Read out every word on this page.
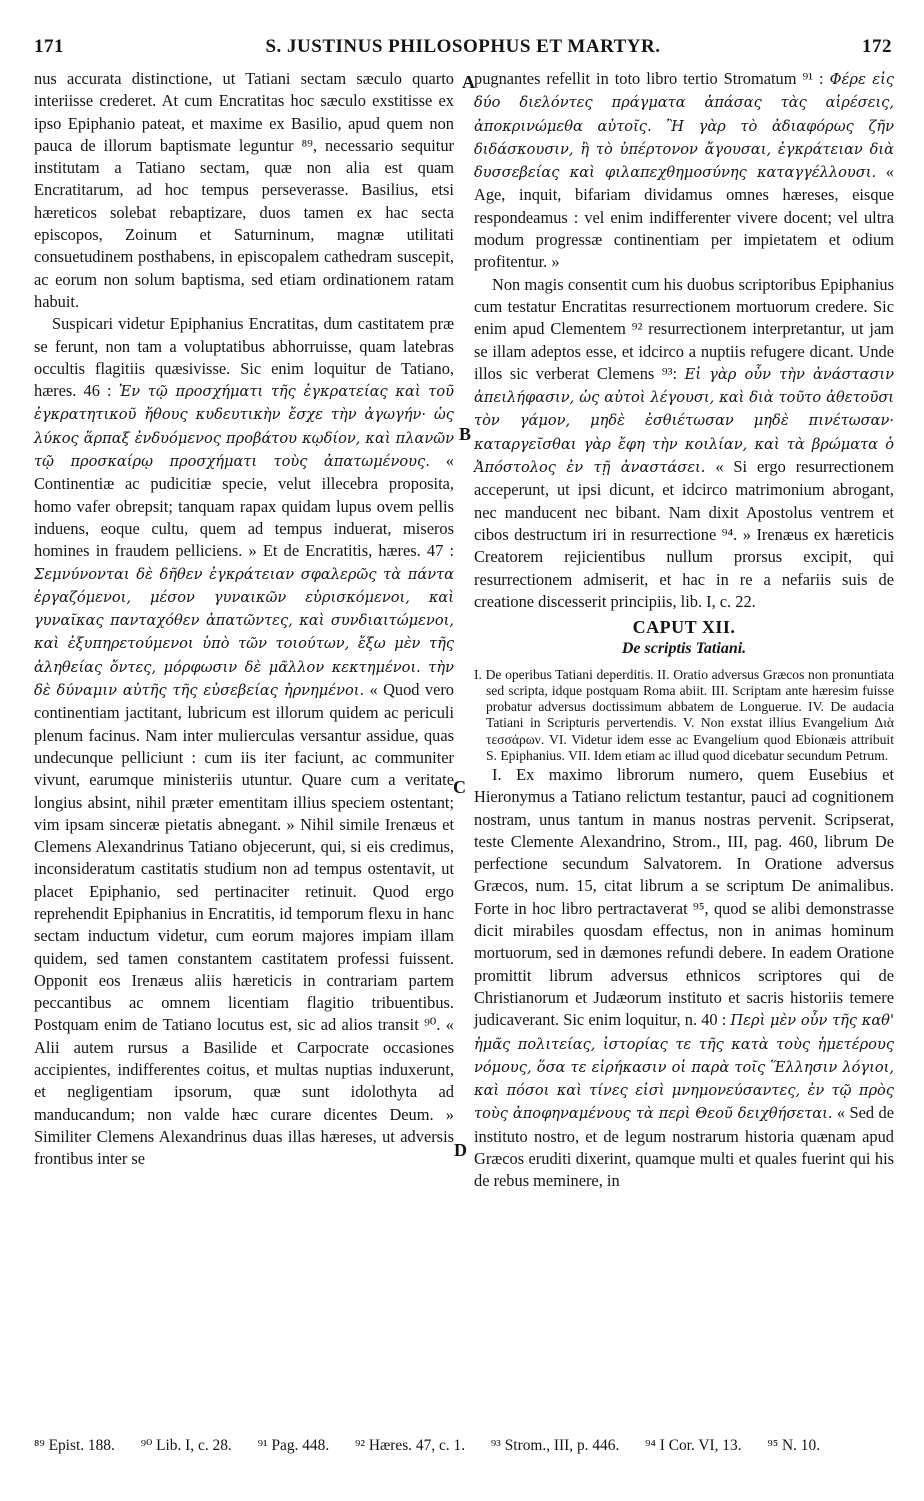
171	S. JUSTINUS PHILOSOPHUS ET MARTYR.	172
A
B
C
D

nus accurata distinctione, ut Tatiani sectam sæculo quarto interiisse crederet. At cum Encratitas hoc sæculo exstitisse ex ipso Epiphanio pateat, et maxime ex Basilio, apud quem non pauca de illorum baptismate leguntur ⁸⁹, necessario sequitur institutam a Tatiano sectam, quæ non alia est quam Encratitarum, ad hoc tempus perseverasse. Basilius, etsi hæreticos solebat rebaptizare, duos tamen ex hac secta episcopos, Zoinum et Saturninum, magnæ utilitati consuetudinem posthabens, in episcopalem cathedram suscepit, ac eorum non solum baptisma, sed etiam ordinationem ratam habuit.

Suspicari videtur Epiphanius Encratitas, dum castitatem præ se ferunt, non tam a voluptatibus abhorruisse, quam latebras occultis flagitiis quæsivisse. Sic enim loquitur de Tatiano, hæres. 46 : Ἐν τῷ προσχήματι τῆς ἐγκρατείας καὶ τοῦ ἐγκρατητικοῦ ἤθους κυδευτικὴν ἔσχε τὴν ἀγωγήν· ὡς λύκος ἅρπαξ ἐνδυόμενος προβάτου κῳδίον, καὶ πλανῶν τῷ προσκαίρῳ προσχήματι τοὺς ἀπατωμένους. « Continentiæ ac pudicitiæ specie, velut illecebra proposita, homo vafer obrepsit; tanquam rapax quidam lupus ovem pellis induens, eoque cultu, quem ad tempus induerat, miseros homines in fraudem pelliciens. » Et de Encratitis, hæres. 47 : Σεμνύνονται δὲ δῆθεν ἐγκράτειαν σφαλερῶς τὰ πάντα ἐργαζόμενοι, μέσον γυναικῶν εὑρισκόμενοι, καὶ γυναῖκας πανταχόθεν ἀπατῶντες, καὶ συνδιαιτώμενοι, καὶ ἐξυπηρετούμενοι ὑπὸ τῶν τοιούτων, ἔξω μὲν τῆς ἀληθείας ὄντες, μόρφωσιν δὲ μᾶλλον κεκτημένοι. τὴν δὲ δύναμιν αὐτῆς τῆς εὐσεβείας ἠρνημένοι. « Quod vero continentiam jactitant, lubricum est illorum quidem ac periculi plenum facinus. Nam inter mulierculas versantur assidue, quas undecunque pelliciunt : cum iis iter faciunt, ac communiter vivunt, earumque ministeriis utuntur. Quare cum a veritate longius absint, nihil præter ementitam illius speciem ostentant; vim ipsam sinceræ pietatis abnegant. » Nihil simile Irenæus et Clemens Alexandrinus Tatiano objecerunt, qui, si eis credimus, inconsideratum castitatis studium non ad tempus ostentavit, ut placet Epiphanio, sed pertinaciter retinuit. Quod ergo reprehendit Epiphanius in Encratitis, id temporum flexu in hanc sectam inductum videtur, cum eorum majores impiam illam quidem, sed tamen constantem castitatem professi fuissent. Opponit eos Irenæus aliis hæreticis in contrariam partem peccantibus ac omnem licentiam flagitio tribuentibus. Postquam enim de Tatiano locutus est, sic ad alios transit ⁹⁰. « Alii autem rursus a Basilide et Carpocrate occasiones accipientes, indifferentes coitus, et multas nuptias induxerunt, et negligentiam ipsorum, quæ sunt idolothyta ad manducandum; non valde hæc curare dicentes Deum. » Similiter Clemens Alexandrinus duas illas hæreses, ut adversis frontibus inter se

pugnantes refellit in toto libro tertio Stromatum ⁹¹ : Φέρε εἰς δύο διελόντες πράγματα ἁπάσας τὰς αἱρέσεις, ἀποκρινώμεθα αὐτοῖς. Ἢ γὰρ τὸ ἀδιαφόρως ζῆν διδάσκουσιν, ἢ τὸ ὑπέρτονον ἄγουσαι, ἐγκράτειαν διὰ δυσσεβείας καὶ φιλαπεχθημοσύνης καταγγέλλουσι. « Age, inquit, bifariam dividamus omnes hæreses, eisque respondeamus : vel enim indifferenter vivere docent; vel ultra modum progressæ continentiam per impietatem et odium profitentur. »

Non magis consentit cum his duobus scriptoribus Epiphanius cum testatur Encratitas resurrectionem mortuorum credere. Sic enim apud Clementem ⁹² resurrectionem interpretantur, ut jam se illam adeptos esse, et idcirco a nuptiis refugere dicant. Unde illos sic verberat Clemens ⁹³: Εἰ γὰρ οὖν τὴν ἀνάστασιν ἀπειλήφασιν, ὡς αὐτοὶ λέγουσι, καὶ διὰ τοῦτο ἀθετοῦσι τὸν γάμον, μηδὲ ἐσθιέτωσαν μηδὲ πινέτωσαν· καταργεῖσθαι γὰρ ἔφη τὴν κοιλίαν, καὶ τὰ βρώματα ὁ Ἀπόστολος ἐν τῇ ἀναστάσει. « Si ergo resurrectionem acceperunt, ut ipsi dicunt, et idcirco matrimonium abrogant, nec manducent nec bibant. Nam dixit Apostolus ventrem et cibos destructum iri in resurrectione ⁹⁴. » Irenæus ex hæreticis Creatorem rejicientibus nullum prorsus excipit, qui resurrectionem admiserit, et hac in re a nefariis suis de creatione discesserit principiis, lib. I, c. 22.

CAPUT XII.
De scriptis Tatiani.

I. De operibus Tatiani deperditis. II. Oratio adversus Græcos non pronuntiata sed scripta, idque postquam Roma abiit. III. Scriptam ante hæresim fuisse probatur adversus doctissimum abbatem de Longuerue. IV. De audacia Tatiani in Scripturis pervertendis. V. Non exstat illius Evangelium Διὰ τεσσάρων. VI. Videtur idem esse ac Evangelium quod Ebionæis attribuit S. Epiphanius. VII. Idem etiam ac illud quod dicebatur secundum Petrum.

I. Ex maximo librorum numero, quem Eusebius et Hieronymus a Tatiano relictum testantur, pauci ad cognitionem nostram, unus tantum in manus nostras pervenit. Scripserat, teste Clemente Alexandrino, Strom., III, pag. 460, librum De perfectione secundum Salvatorem. In Oratione adversus Græcos, num. 15, citat librum a se scriptum De animalibus. Forte in hoc libro pertractaverat ⁹⁵, quod se alibi demonstrasse dicit mirabiles quosdam effectus, non in animas hominum mortuorum, sed in dæmones refundi debere. In eadem Oratione promittit librum adversus ethnicos scriptores qui de Christianorum et Judæorum instituto et sacris historiis temere judicaverant. Sic enim loquitur, n. 40 : Περὶ μὲν οὖν τῆς καθ' ἡμᾶς πολιτείας, ἱστορίας τε τῆς κατὰ τοὺς ἡμετέρους νόμους, ὅσα τε εἰρήκασιν οἱ παρὰ τοῖς Ἕλλησιν λόγιοι, καὶ πόσοι καὶ τίνες εἰσὶ μνημονεύσαντες, ἐν τῷ πρὸς τοὺς ἀποφηναμένους τὰ περὶ Θεοῦ δειχθήσεται. « Sed de instituto nostro, et de legum nostrarum historia quænam apud Græcos eruditi dixerint, quamque multi et quales fuerint qui his de rebus meminere, in

⁸⁹ Epist. 188. ⁹⁰ Lib. I, c. 28. ⁹¹ Pag. 448. ⁹² Hæres. 47, c. 1. ⁹³ Strom., III, p. 446. ⁹⁴ I Cor. VI, 13. ⁹⁵ N. 10.
